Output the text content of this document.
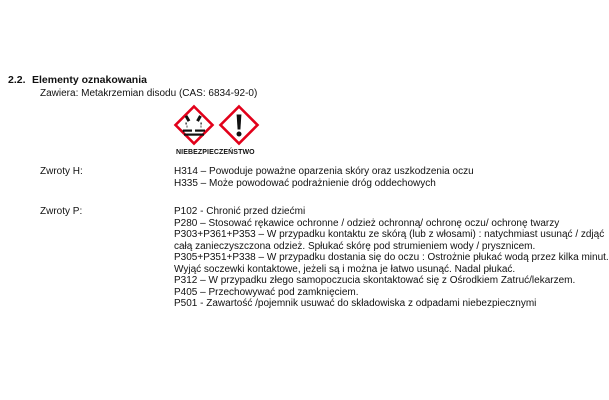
2.2. Elementy oznakowania
Zawiera: Metakrzemian disodu (CAS: 6834-92-0)
NIEBEZPIECZEŃSTWO
Zwroty H:	H314 – Powoduje poważne oparzenia skóry oraz uszkodzenia oczu
H335 – Może powodować podrażnienie dróg oddechowych
Zwroty P:	P102 - Chronić przed dziećmi
P280 – Stosować rękawice ochronne / odzież ochronną/ ochronę oczu/ ochronę twarzy
P303+P361+P353 – W przypadku kontaktu ze skórą (lub z włosami) : natychmiast usunąć / zdjąć
całą zanieczyszczona odzież. Spłukać skórę pod strumieniem wody / prysznicem.
P305+P351+P338 – W przypadku dostania się do oczu : Ostrożnie płukać wodą przez kilka minut.
Wyjąć soczewki kontaktowe, jeżeli są i można je łatwo usunąć. Nadal płukać.
P312 – W przypadku złego samopoczucia skontaktować się z Ośrodkiem Zatruć/lekarzem.
P405 – Przechowywać pod zamknięciem.
P501 - Zawartość /pojemnik usuwać do składowiska z odpadami niebezpiecznymi
